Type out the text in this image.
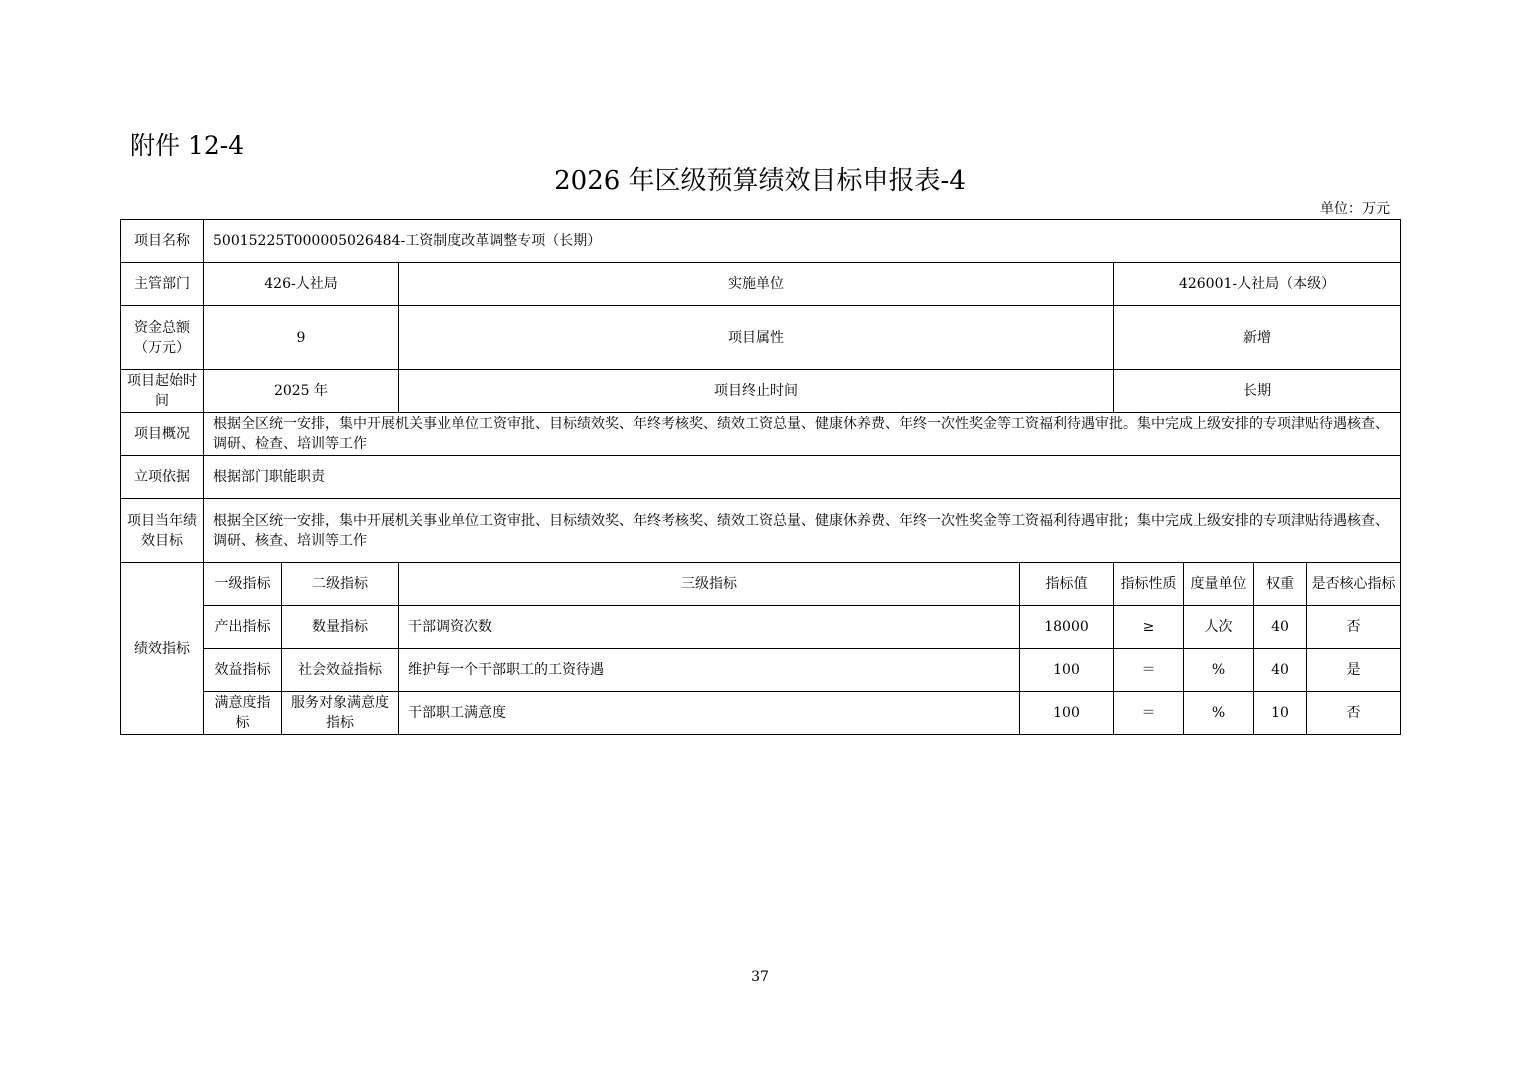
附件 12-4
2026 年区级预算绩效目标申报表-4
单位：万元
项目名称	50015225T000005026484-工资制度改革调整专项（长期）							
主管部门	426-人社局		实施单位		426001-人社局（本级）			
资金总额（万元）	9		项目属性		新增			
项目起始时间	2025 年		项目终止时间		长期			
项目概况	根据全区统一安排，集中开展机关事业单位工资审批、目标绩效奖、年终考核奖、绩效工资总量、健康休养费、年终一次性奖金等工资福利待遇审批。集中完成上级安排的专项津贴待遇核查、调研、检查、培训等工作							
立项依据	根据部门职能职责							
项目当年绩效目标	根据全区统一安排，集中开展机关事业单位工资审批、目标绩效奖、年终考核奖、绩效工资总量、健康休养费、年终一次性奖金等工资福利待遇审批；集中完成上级安排的专项津贴待遇核查、调研、核查、培训等工作							
绩效指标	一级指标	二级指标	三级指标	指标值	指标性质	度量单位	权重	是否核心指标
	产出指标	数量指标	干部调资次数	18000	≥	人次	40	否
	效益指标	社会效益指标	维护每一个干部职工的工资待遇	100	＝	%	40	是
	满意度指标	服务对象满意度指标	干部职工满意度	100	＝	%	10	否
37
